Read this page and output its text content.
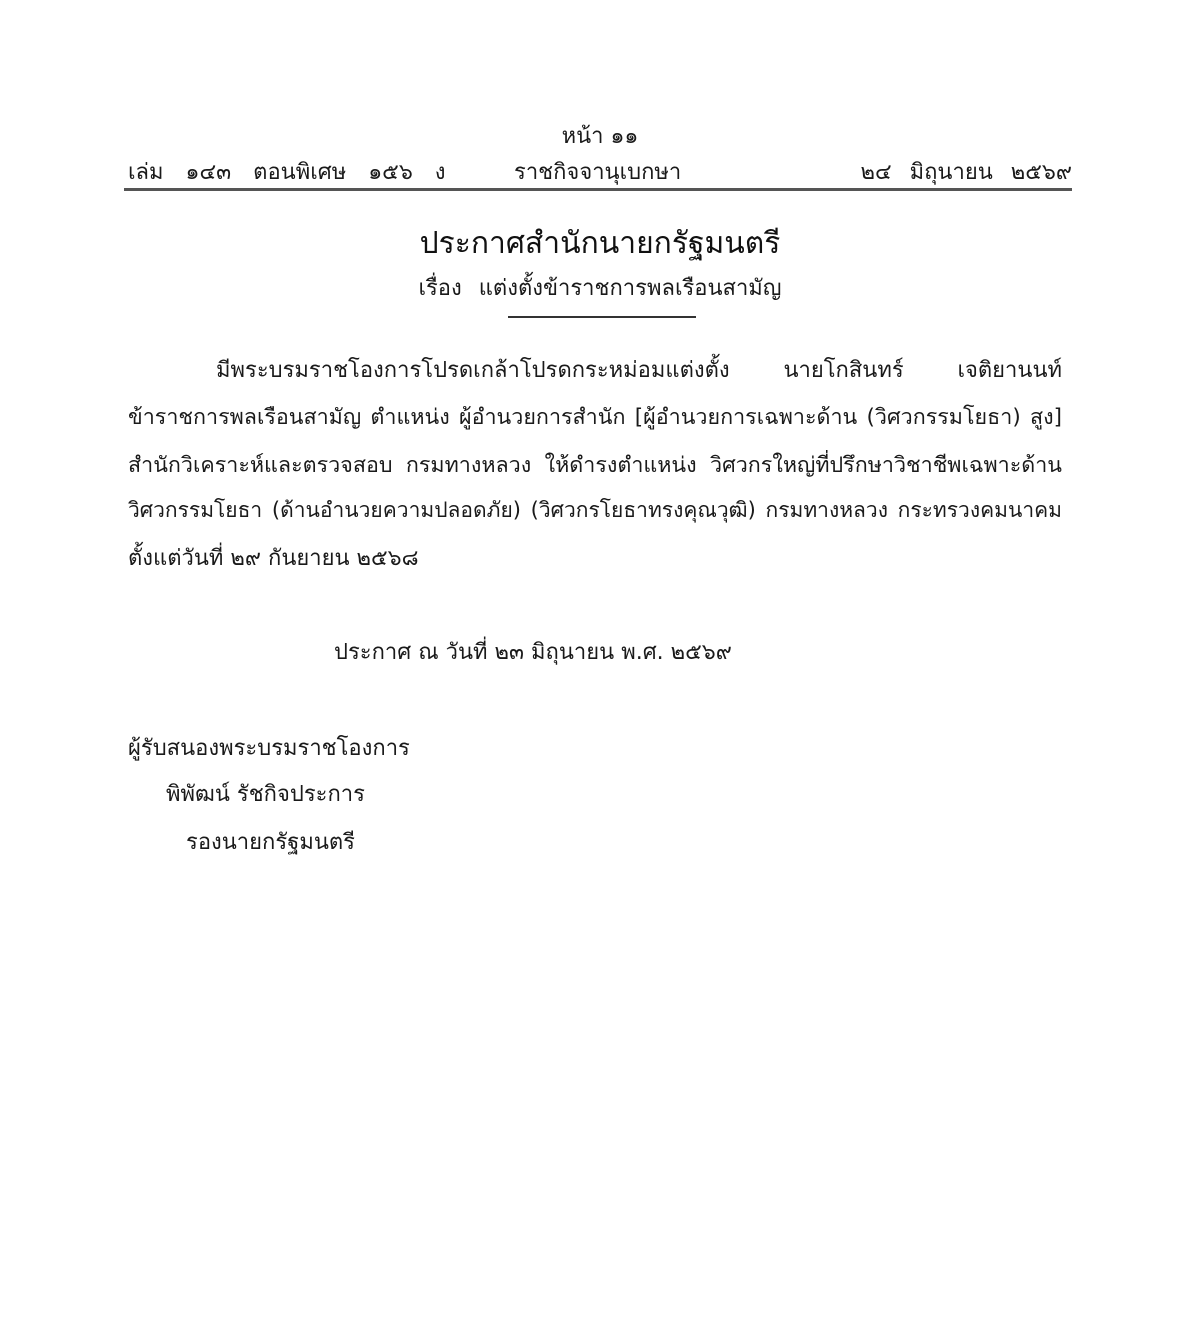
หน้า ๑๑
เล่ม ๑๔๓ ตอนพิเศษ ๑๕๖ ง	ราชกิจจานุเบกษา	๒๔ มิถุนายน ๒๕๖๙
ประกาศสำนักนายกรัฐมนตรี
เรื่อง แต่งตั้งข้าราชการพลเรือนสามัญ
มีพระบรมราชโองการโปรดเกล้าโปรดกระหม่อมแต่งตั้ง นายโกสินทร์ เจติยานนท์
ข้าราชการพลเรือนสามัญ ตำแหน่ง ผู้อำนวยการสำนัก [ผู้อำนวยการเฉพาะด้าน (วิศวกรรมโยธา) สูง]
สำนักวิเคราะห์และตรวจสอบ กรมทางหลวง ให้ดำรงตำแหน่ง วิศวกรใหญ่ที่ปรึกษาวิชาชีพเฉพาะด้าน
วิศวกรรมโยธา (ด้านอำนวยความปลอดภัย) (วิศวกรโยธาทรงคุณวุฒิ) กรมทางหลวง กระทรวงคมนาคม
ตั้งแต่วันที่ ๒๙ กันยายน ๒๕๖๘
ประกาศ ณ วันที่ ๒๓ มิถุนายน พ.ศ. ๒๕๖๙
ผู้รับสนองพระบรมราชโองการ
พิพัฒน์ รัชกิจประการ
รองนายกรัฐมนตรี
